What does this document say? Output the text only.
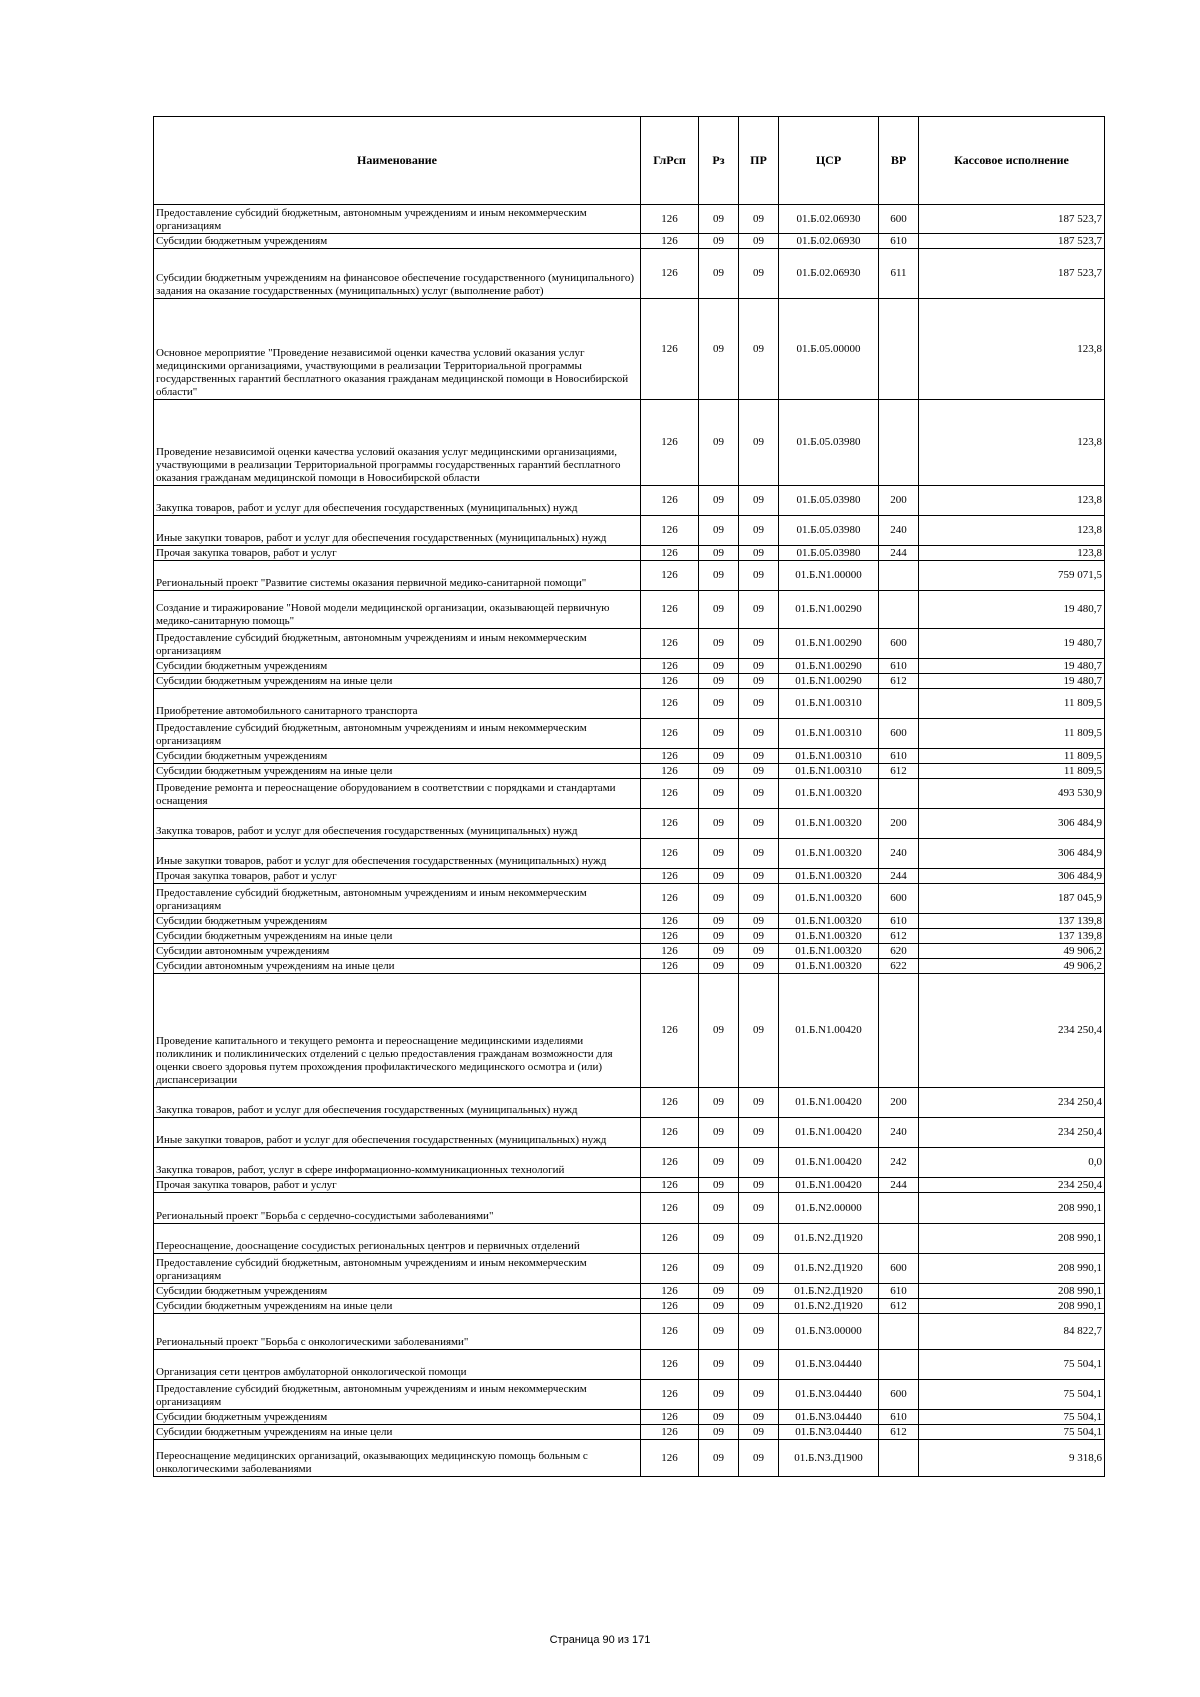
Наименование	ГлРсп	Рз	ПР	ЦСР	ВР	Кассовое исполнение
Предоставление субсидий бюджетным, автономным учреждениям и иным некоммерческим организациям	126	09	09	01.Б.02.06930	600	187 523,7
Субсидии бюджетным учреждениям	126	09	09	01.Б.02.06930	610	187 523,7
Субсидии бюджетным учреждениям на финансовое обеспечение государственного (муниципального) задания на оказание государственных (муниципальных) услуг (выполнение работ)	126	09	09	01.Б.02.06930	611	187 523,7
Основное мероприятие "Проведение независимой оценки качества условий оказания услуг медицинскими организациями, участвующими в реализации Территориальной программы государственных гарантий бесплатного оказания гражданам медицинской помощи в Новосибирской области"	126	09	09	01.Б.05.00000		123,8
Проведение независимой оценки качества условий оказания услуг медицинскими организациями, участвующими в реализации Территориальной программы государственных гарантий бесплатного оказания гражданам медицинской помощи в Новосибирской области	126	09	09	01.Б.05.03980		123,8
Закупка товаров, работ и услуг для обеспечения государственных (муниципальных) нужд	126	09	09	01.Б.05.03980	200	123,8
Иные закупки товаров, работ и услуг для обеспечения государственных (муниципальных) нужд	126	09	09	01.Б.05.03980	240	123,8
Прочая закупка товаров, работ и услуг	126	09	09	01.Б.05.03980	244	123,8
Региональный проект "Развитие системы оказания первичной медико-санитарной помощи"	126	09	09	01.Б.N1.00000		759 071,5
Создание и тиражирование "Новой модели медицинской организации, оказывающей первичную медико-санитарную помощь"	126	09	09	01.Б.N1.00290		19 480,7
Предоставление субсидий бюджетным, автономным учреждениям и иным некоммерческим организациям	126	09	09	01.Б.N1.00290	600	19 480,7
Субсидии бюджетным учреждениям	126	09	09	01.Б.N1.00290	610	19 480,7
Субсидии бюджетным учреждениям на иные цели	126	09	09	01.Б.N1.00290	612	19 480,7
Приобретение автомобильного санитарного транспорта	126	09	09	01.Б.N1.00310		11 809,5
Предоставление субсидий бюджетным, автономным учреждениям и иным некоммерческим организациям	126	09	09	01.Б.N1.00310	600	11 809,5
Субсидии бюджетным учреждениям	126	09	09	01.Б.N1.00310	610	11 809,5
Субсидии бюджетным учреждениям на иные цели	126	09	09	01.Б.N1.00310	612	11 809,5
Проведение ремонта и переоснащение оборудованием в соответствии с порядками и стандартами оснащения	126	09	09	01.Б.N1.00320		493 530,9
Закупка товаров, работ и услуг для обеспечения государственных (муниципальных) нужд	126	09	09	01.Б.N1.00320	200	306 484,9
Иные закупки товаров, работ и услуг для обеспечения государственных (муниципальных) нужд	126	09	09	01.Б.N1.00320	240	306 484,9
Прочая закупка товаров, работ и услуг	126	09	09	01.Б.N1.00320	244	306 484,9
Предоставление субсидий бюджетным, автономным учреждениям и иным некоммерческим организациям	126	09	09	01.Б.N1.00320	600	187 045,9
Субсидии бюджетным учреждениям	126	09	09	01.Б.N1.00320	610	137 139,8
Субсидии бюджетным учреждениям на иные цели	126	09	09	01.Б.N1.00320	612	137 139,8
Субсидии автономным учреждениям	126	09	09	01.Б.N1.00320	620	49 906,2
Субсидии автономным учреждениям на иные цели	126	09	09	01.Б.N1.00320	622	49 906,2
Проведение капитального и текущего ремонта и переоснащение медицинскими изделиями поликлиник и поликлинических отделений с целью предоставления гражданам возможности для оценки своего здоровья путем прохождения профилактического медицинского осмотра и (или) диспансеризации	126	09	09	01.Б.N1.00420		234 250,4
Закупка товаров, работ и услуг для обеспечения государственных (муниципальных) нужд	126	09	09	01.Б.N1.00420	200	234 250,4
Иные закупки товаров, работ и услуг для обеспечения государственных (муниципальных) нужд	126	09	09	01.Б.N1.00420	240	234 250,4
Закупка товаров, работ, услуг в сфере информационно-коммуникационных технологий	126	09	09	01.Б.N1.00420	242	0,0
Прочая закупка товаров, работ и услуг	126	09	09	01.Б.N1.00420	244	234 250,4
Региональный проект "Борьба с сердечно-сосудистыми заболеваниями"	126	09	09	01.Б.N2.00000		208 990,1
Переоснащение, дооснащение сосудистых региональных центров и первичных отделений	126	09	09	01.Б.N2.Д1920		208 990,1
Предоставление субсидий бюджетным, автономным учреждениям и иным некоммерческим организациям	126	09	09	01.Б.N2.Д1920	600	208 990,1
Субсидии бюджетным учреждениям	126	09	09	01.Б.N2.Д1920	610	208 990,1
Субсидии бюджетным учреждениям на иные цели	126	09	09	01.Б.N2.Д1920	612	208 990,1
Региональный проект "Борьба с онкологическими заболеваниями"	126	09	09	01.Б.N3.00000		84 822,7
Организация сети центров амбулаторной онкологической помощи	126	09	09	01.Б.N3.04440		75 504,1
Предоставление субсидий бюджетным, автономным учреждениям и иным некоммерческим организациям	126	09	09	01.Б.N3.04440	600	75 504,1
Субсидии бюджетным учреждениям	126	09	09	01.Б.N3.04440	610	75 504,1
Субсидии бюджетным учреждениям на иные цели	126	09	09	01.Б.N3.04440	612	75 504,1
Переоснащение медицинских организаций, оказывающих медицинскую помощь больным с онкологическими заболеваниями	126	09	09	01.Б.N3.Д1900		9 318,6
Страница 90 из 171
